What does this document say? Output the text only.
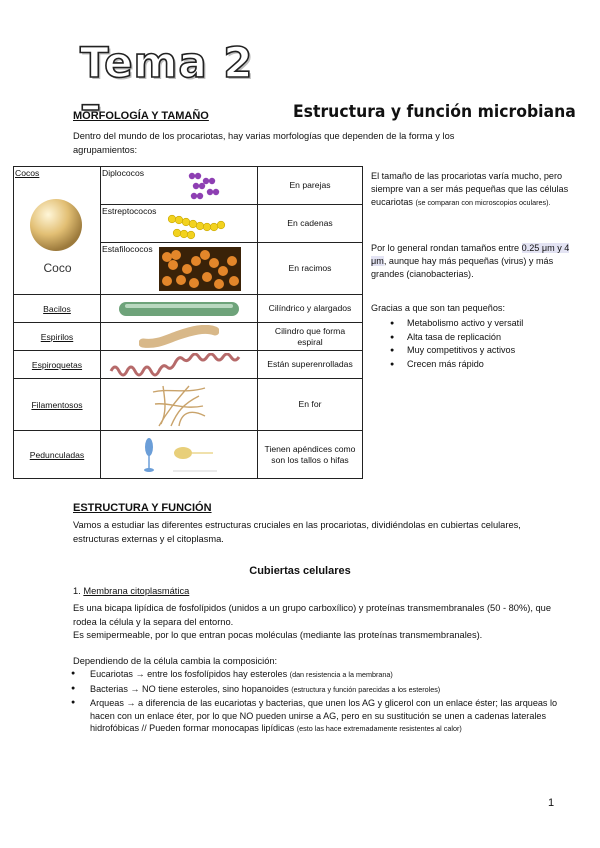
Tema 2 –	Estructura y función microbiana
MORFOLOGÍA Y TAMAÑO
Dentro del mundo de los procariotas, hay varias morfologías que dependen de la forma y los agrupamientos:
Cocos
Coco	Diplococos	En parejas

	Estreptococos	En cadenas

	Estafilococos	En racimos
Bacilos		Cilíndrico y alargados
Espirilos		Cilindro que forma espiral
Espiroquetas		Están superenrolladas
Filamentosos		En for
Pedunculadas		Tienen apéndices como son los tallos o hifas
El tamaño de las procariotas varía mucho, pero siempre van a ser más pequeñas que las células eucariotas (se comparan con microscopios oculares).
Por lo general rondan tamaños entre 0.25 μm y 4 μm, aunque hay más pequeñas (virus) y más grandes (cianobacterias).
Gracias a que son tan pequeños:
● Metabolismo activo y versatil
● Alta tasa de replicación
● Muy competitivos y activos
● Crecen más rápido
ESTRUCTURA Y FUNCIÓN
Vamos a estudiar las diferentes estructuras cruciales en las procariotas, dividiéndolas en cubiertas celulares, estructuras externas y el citoplasma.
Cubiertas celulares
1. Membrana citoplasmática
Es una bicapa lipídica de fosfolípidos (unidos a un grupo carboxílico) y proteínas transmembranales (50 - 80%), que rodea la célula y la separa del entorno.
Es semipermeable, por lo que entran pocas moléculas (mediante las proteínas transmembranales).
Dependiendo de la célula cambia la composición:
● Eucariotas → entre los fosfolípidos hay esteroles (dan resistencia a la membrana)
● Bacterias → NO tiene esteroles, sino hopanoides (estructura y función parecidas a los esteroles)
● Arqueas → a diferencia de las eucariotas y bacterias, que unen los AG y glicerol con un enlace éster; las arqueas lo hacen con un enlace éter, por lo que NO pueden unirse a AG, pero en su sustitución se unen a cadenas laterales hidrofóbicas // Pueden formar monocapas lipídicas (esto las hace extremadamente resistentes al calor)
1
